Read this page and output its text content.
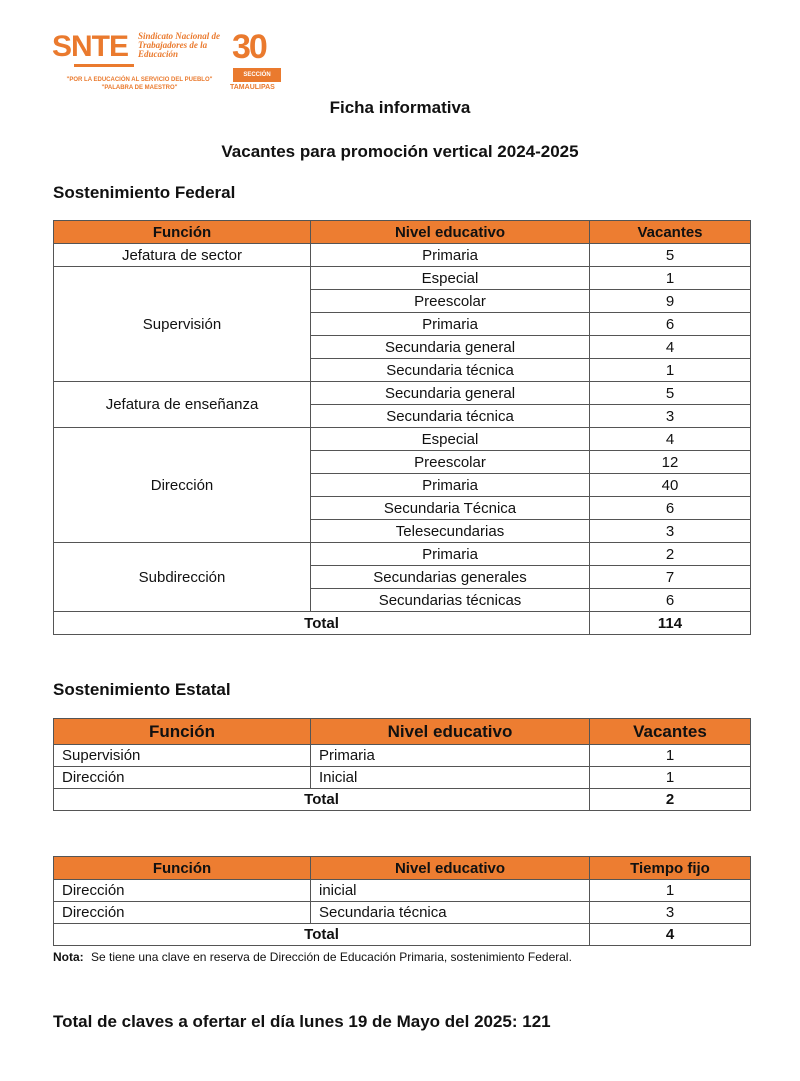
SNTE Sindicato Nacional de Trabajadores de la Educación
"POR LA EDUCACIÓN AL SERVICIO DEL PUEBLO"
"PALABRA DE MAESTRO"
30
SECCIÓN
TAMAULIPAS
Ficha informativa
Vacantes para promoción vertical 2024-2025
Sostenimiento Federal
Función	Nivel educativo	Vacantes
Jefatura de sector	Primaria	5
Supervisión	Especial	1
	Preescolar	9
	Primaria	6
	Secundaria general	4
	Secundaria técnica	1
Jefatura de enseñanza	Secundaria general	5
	Secundaria técnica	3
Dirección	Especial	4
	Preescolar	12
	Primaria	40
	Secundaria Técnica	6
	Telesecundarias	3
Subdirección	Primaria	2
	Secundarias generales	7
	Secundarias técnicas	6
Total		114
Sostenimiento Estatal
Función	Nivel educativo	Vacantes
Supervisión	Primaria	1
Dirección	Inicial	1
Total		2
Función	Nivel educativo	Tiempo fijo
Dirección	inicial	1
Dirección	Secundaria técnica	3
Total		4
Nota: Se tiene una clave en reserva de Dirección de Educación Primaria, sostenimiento Federal.
Total de claves a ofertar el día lunes 19 de Mayo del 2025: 121
